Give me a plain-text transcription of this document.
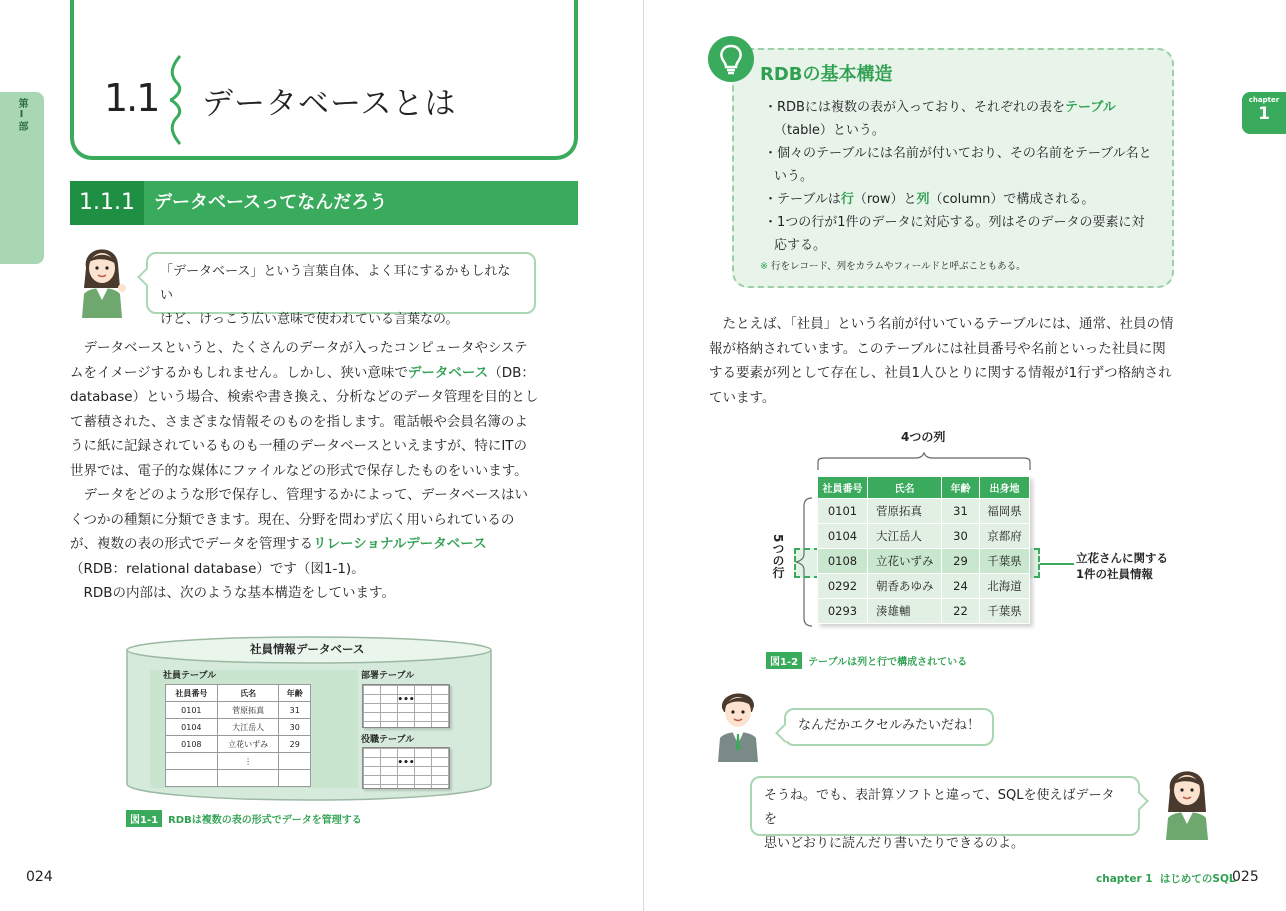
第Ⅰ部 1.1 データベースとは
1.1.1	データベースってなんだろう
「データベース」という言葉自体、よく耳にするかもしれない
けど、けっこう広い意味で使われている言葉なの。

データベースというと、たくさんのデータが入ったコンピュータやシステムをイメージするかもしれません。しかし、狭い意味でデータベース（DB：database）という場合、検索や書き換え、分析などのデータ管理を目的として蓄積された、さまざまな情報そのものを指します。電話帳や会員名簿のように紙に記録されているものも一種のデータベースといえますが、特にITの世界では、電子的な媒体にファイルなどの形式で保存したものをいいます。

データをどのような形で保存し、管理するかによって、データベースはいくつかの種類に分類できます。現在、分野を問わず広く用いられているのが、複数の表の形式でデータを管理するリレーショナルデータベース（RDB：relational database）です（図1-1)。

RDBの内部は、次のような基本構造をしています。

社員情報データベース
社員テーブル
社員番号	氏名	年齢
0101	菅原拓真	31
0104	大江岳人	30
0108	立花いずみ	29
	⋮	

部署テーブル
•••
役職テーブル
•••
図1-1 RDBは複数の表の形式でデータを管理する
024
chapter
1
RDBの基本構造
・RDBには複数の表が入っており、それぞれの表をテーブル（table）という。
・個々のテーブルには名前が付いており、その名前をテーブル名という。
・テーブルは行（row）と列（column）で構成される。
・1つの行が1件のデータに対応する。列はそのデータの要素に対応する。
※ 行をレコード、列をカラムやフィールドと呼ぶこともある。

たとえば、「社員」という名前が付いているテーブルには、通常、社員の情報が格納されています。このテーブルには社員番号や名前といった社員に関する要素が列として存在し、社員1人ひとりに関する情報が1行ずつ格納されています。

4つの列
5つの行
社員番号	氏名	年齢	出身地
0101	菅原拓真	31	福岡県
0104	大江岳人	30	京都府
0108	立花いずみ	29	千葉県
0292	朝香あゆみ	24	北海道
0293	湊雄輔	22	千葉県
立花さんに関する
1件の社員情報
図1-2 テーブルは列と行で構成されている
なんだかエクセルみたいだね！
そうね。でも、表計算ソフトと違って、SQLを使えばデータを
思いどおりに読んだり書いたりできるのよ。
chapter 1 はじめてのSQL
025
